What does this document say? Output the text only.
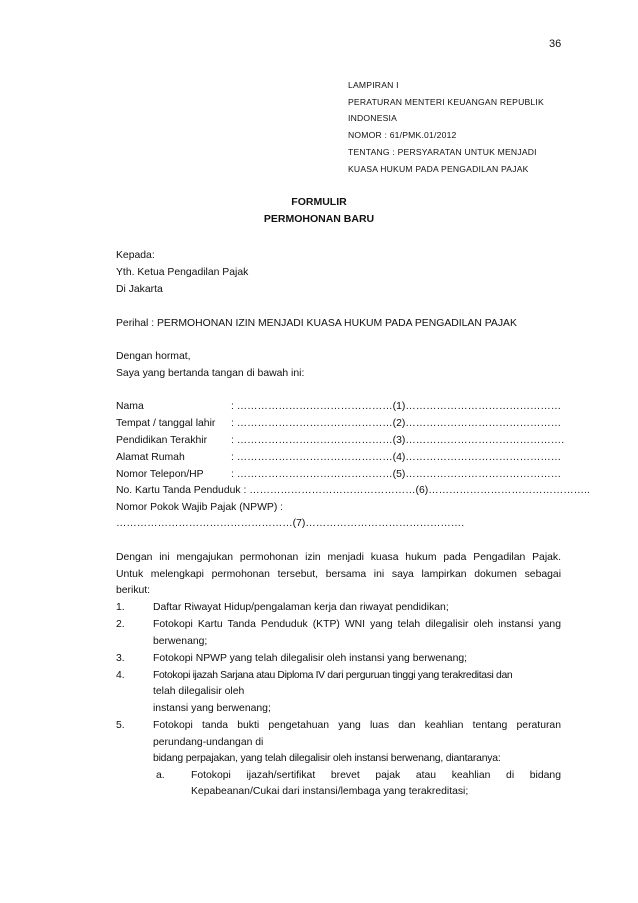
36
LAMPIRAN I
PERATURAN MENTERI KEUANGAN REPUBLIK
INDONESIA
NOMOR : 61/PMK.01/2012
TENTANG : PERSYARATAN UNTUK MENJADI
KUASA HUKUM PADA PENGADILAN PAJAK
FORMULIR
PERMOHONAN BARU
Kepada:
Yth. Ketua Pengadilan Pajak
Di Jakarta
Perihal : PERMOHONAN IZIN MENJADI KUASA HUKUM PADA PENGADILAN PAJAK
Dengan hormat,
Saya yang bertanda tangan di bawah ini:
Nama	: ………………………………………(1)………………………………………
Tempat / tanggal lahir : ………………………………………(2)………………………………………
Pendidikan Terakhir : ………………………………………(3)……………………………………….
Alamat Rumah	: ………………………………………(4)………………………………………
Nomor Telepon/HP	: ………………………………………(5)………………………………………
No. Kartu Tanda Penduduk : …………………………………………(6)………………………………………..
Nomor Pokok Wajib Pajak (NPWP) :
……………………………………………(7)……………………………………….
Dengan ini mengajukan permohonan izin menjadi kuasa hukum pada Pengadilan Pajak.
Untuk melengkapi permohonan tersebut, bersama ini saya lampirkan dokumen sebagai
berikut:
1.	Daftar Riwayat Hidup/pengalaman kerja dan riwayat pendidikan;
2.	Fotokopi Kartu Tanda Penduduk (KTP) WNI yang telah dilegalisir oleh instansi yang
berwenang;
3.	Fotokopi NPWP yang telah dilegalisir oleh instansi yang berwenang;
4.	Fotokopi ijazah Sarjana atau Diploma IV dari perguruan tinggi yang terakreditasi dan
telah dilegalisir oleh
instansi yang berwenang;
5.	Fotokopi tanda bukti pengetahuan yang luas dan keahlian tentang peraturan
perundang-undangan di
bidang perpajakan, yang telah dilegalisir oleh instansi berwenang, diantaranya:
a.	Fotokopi ijazah/sertifikat brevet pajak atau keahlian di bidang
Kepabeanan/Cukai dari instansi/lembaga yang terakreditasi;
